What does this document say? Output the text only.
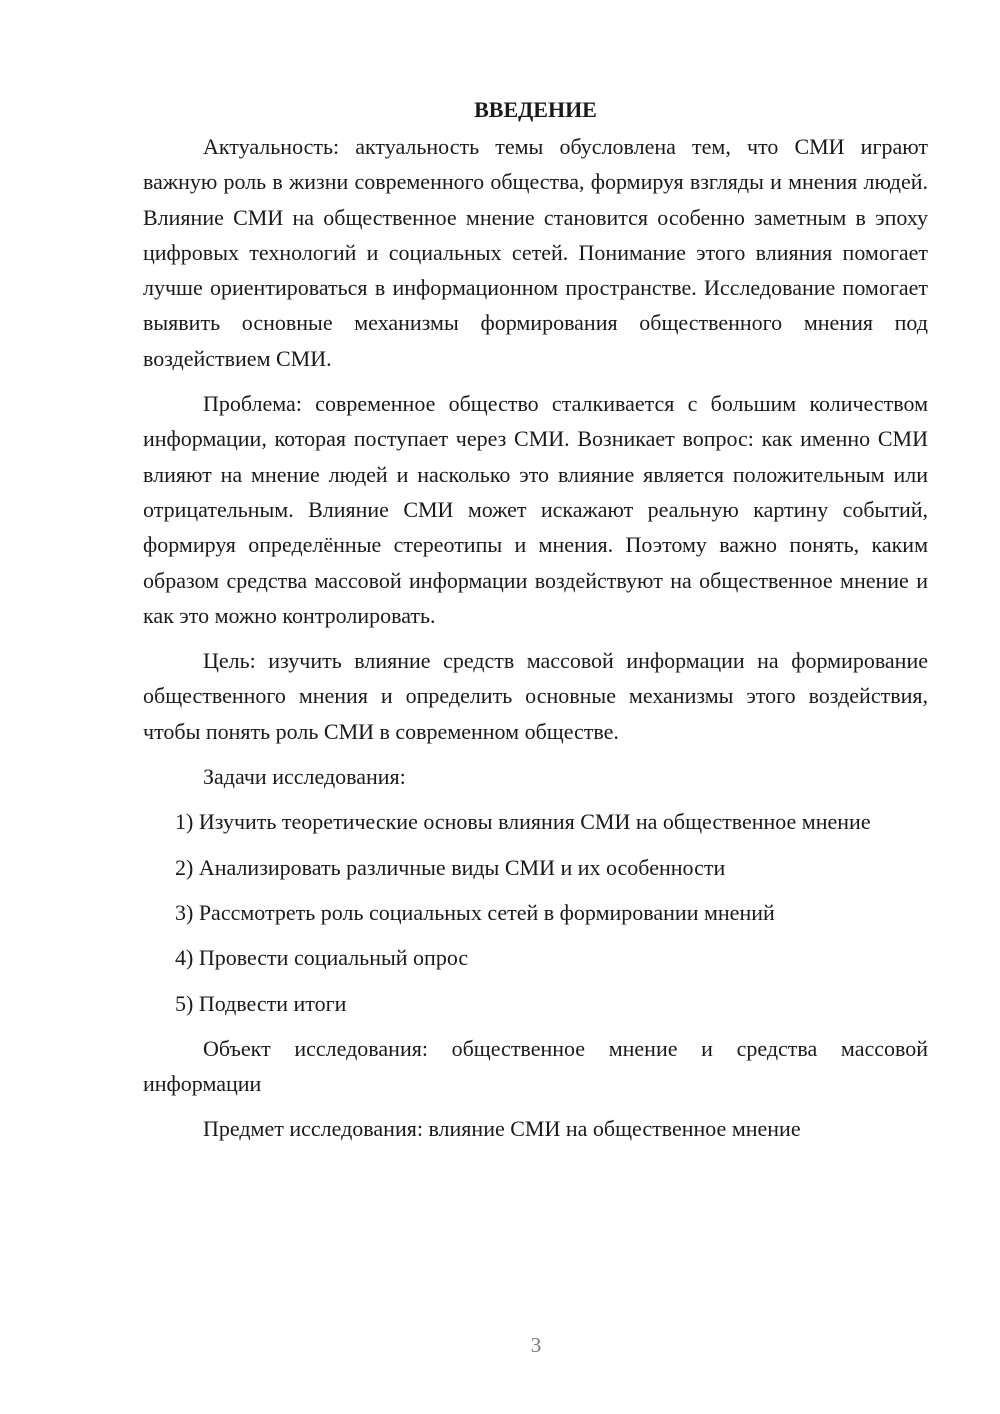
ВВЕДЕНИЕ

Актуальность: актуальность темы обусловлена тем, что СМИ играют важную роль в жизни современного общества, формируя взгляды и мнения людей. Влияние СМИ на общественное мнение становится особенно заметным в эпоху цифровых технологий и социальных сетей. Понимание этого влияния помогает лучше ориентироваться в информационном пространстве. Исследование помогает выявить основные механизмы формирования общественного мнения под воздействием СМИ.

Проблема: современное общество сталкивается с большим количеством информации, которая поступает через СМИ. Возникает вопрос: как именно СМИ влияют на мнение людей и насколько это влияние является положительным или отрицательным. Влияние СМИ может искажают реальную картину событий, формируя определённые стереотипы и мнения. Поэтому важно понять, каким образом средства массовой информации воздействуют на общественное мнение и как это можно контролировать.

Цель: изучить влияние средств массовой информации на формирование общественного мнения и определить основные механизмы этого воздействия, чтобы понять роль СМИ в современном обществе.

Задачи исследования:

1) Изучить теоретические основы влияния СМИ на общественное мнение

2) Анализировать различные виды СМИ и их особенности

3) Рассмотреть роль социальных сетей в формировании мнений

4) Провести социальный опрос

5) Подвести итоги

Объект исследования: общественное мнение и средства массовой информации

Предмет исследования: влияние СМИ на общественное мнение

3
